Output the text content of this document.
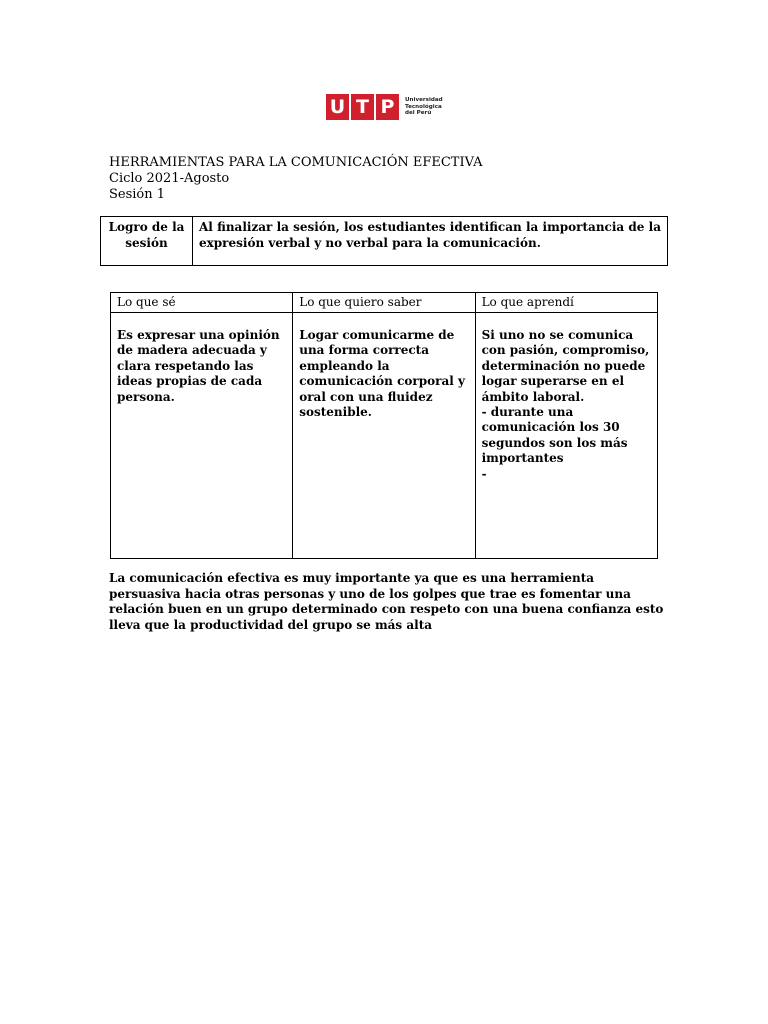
U T P	Universidad
Tecnológica
del Perú
HERRAMIENTAS PARA LA COMUNICACIÓN EFECTIVA
Ciclo 2021-Agosto
Sesión 1
Logro de la sesión	Al finalizar la sesión, los estudiantes identifican la importancia de la expresión verbal y no verbal para la comunicación.
Lo que sé	Lo que quiero saber	Lo que aprendí
Es expresar una opinión de madera adecuada y clara respetando las ideas propias de cada persona.	Logar comunicarme de una forma correcta empleando la comunicación corporal y oral con una fluidez sostenible.	Si uno no se comunica con pasión, compromiso, determinación no puede logar superarse en el ámbito laboral.
- durante una comunicación los 30 segundos son los más importantes
-
La comunicación efectiva es muy importante ya que es una herramienta persuasiva hacia otras personas y uno de los golpes que trae es fomentar una relación buen en un grupo determinado con respeto con una buena confianza esto lleva que la productividad del grupo se más alta
